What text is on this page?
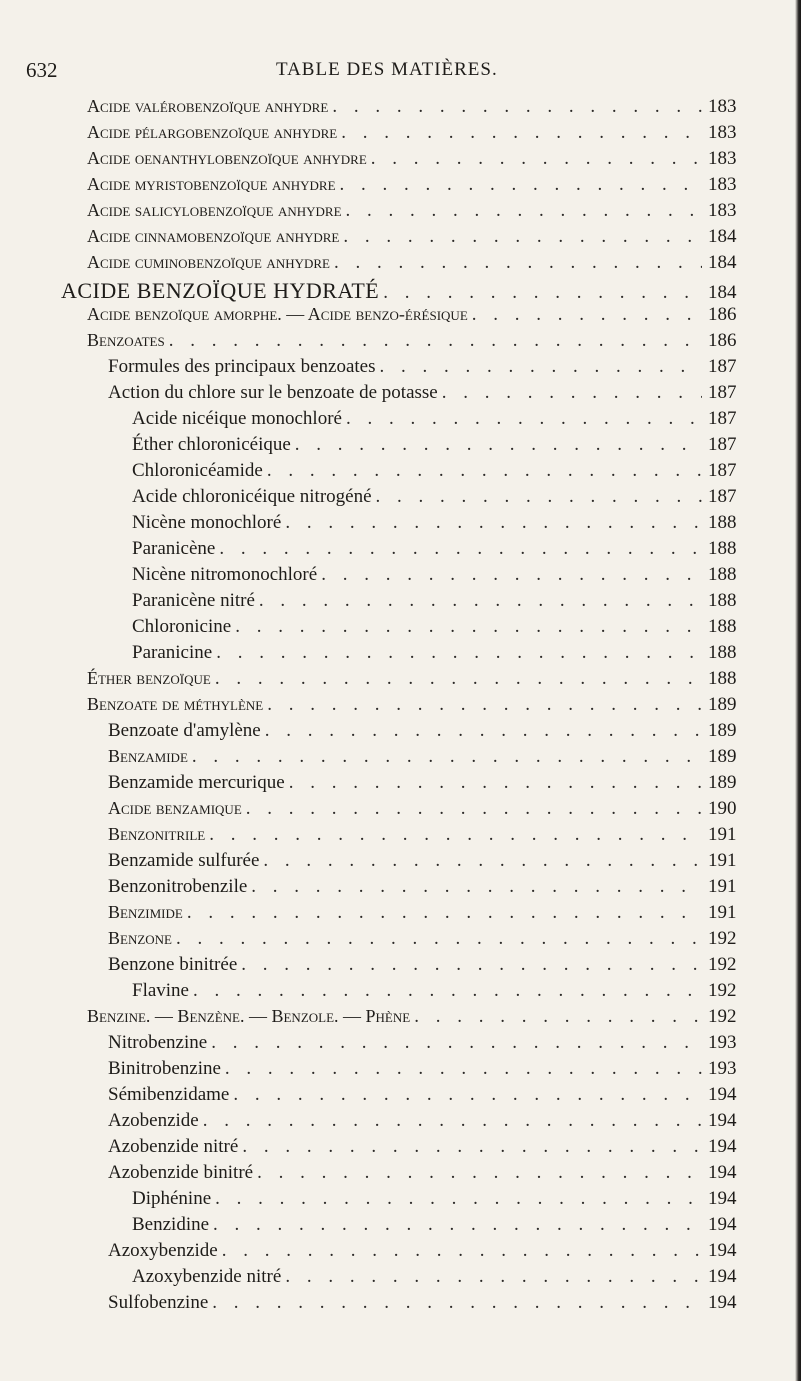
632	TABLE DES MATIÈRES.
Acide valérobenzoïque anhydre . . .	183
Acide pélargobenzoïque anhydre . . .	183
Acide oenanthylobenzoïque anhydre . . .	183
Acide myristobenzoïque anhydre . . .	183
Acide salicylobenzoïque anhydre . . .	183
Acide cinnamobenzoïque anhydre . . .	184
Acide cuminobenzoïque anhydre . . .	184
ACIDE BENZOÏQUE HYDRATÉ . . .	184
Acide benzoïque amorphe. — Acide benzo-érésique . . .	186
Benzoates . . .	186
Formules des principaux benzoates . . .	187
Action du chlore sur le benzoate de potasse . . .	187
Acide nicéique monochloré . . .	187
Éther chloronicéique . . .	187
Chloronicéamide . . .	187
Acide chloronicéique nitrogéné . . .	187
Nicène monochloré . . .	188
Paranicène . . .	188
Nicène nitromonochloré . . .	188
Paranicène nitré . . .	188
Chloronicine . . .	188
Paranicine . . .	188
Éther benzoïque . . .	188
Benzoate de méthylène . . .	189
Benzoate d'amylène . . .	189
Benzamide . . .	189
Benzamide mercurique . . .	189
Acide benzamique . . .	190
Benzonitrile . . .	191
Benzamide sulfurée . . .	191
Benzonitrobenzile . . .	191
Benzimide . . .	191
Benzone . . .	192
Benzone binitrée . . .	192
Flavine . . .	192
Benzine. — Benzène. — Benzole. — Phène . . .	192
Nitrobenzine . . .	193
Binitrobenzine . . .	193
Sémibenzidame . . .	194
Azobenzide . . .	194
Azobenzide nitré . . .	194
Azobenzide binitré . . .	194
Diphénine . . .	194
Benzidine . . .	194
Azoxybenzide . . .	194
Azoxybenzide nitré . . .	194
Sulfobenzine . . .	194
